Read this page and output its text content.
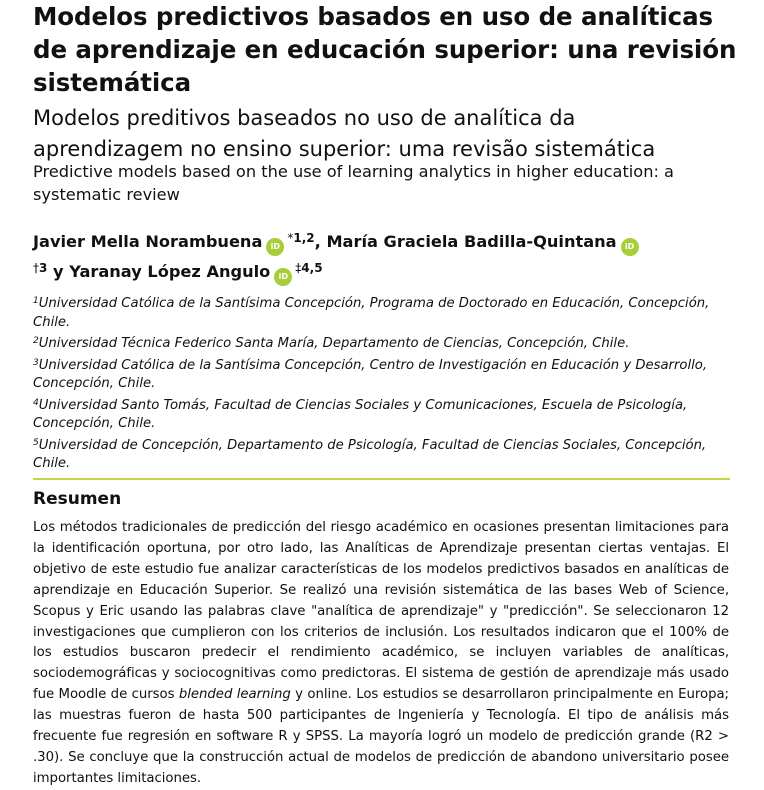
Modelos predictivos basados en uso de analíticas de aprendizaje en educación superior: una revisión sistemática
Modelos preditivos baseados no uso de analítica da aprendizagem no ensino superior: uma revisão sistemática
Predictive models based on the use of learning analytics in higher education: a systematic review
Javier Mella Norambuena iD$^{*1,2}$, María Graciela Badilla-Quintana iD
$^{\dagger 3}$ y Yaranay López Angulo iD$^{\ddagger 4,5}$
$^1$Universidad Católica de la Santísima Concepción, Programa de Doctorado en Educación, Concepción, Chile.
$^2$Universidad Técnica Federico Santa María, Departamento de Ciencias, Concepción, Chile.
$^3$Universidad Católica de la Santísima Concepción, Centro de Investigación en Educación y Desarrollo, Concepción, Chile.
$^4$Universidad Santo Tomás, Facultad de Ciencias Sociales y Comunicaciones, Escuela de Psicología, Concepción, Chile.
$^5$Universidad de Concepción, Departamento de Psicología, Facultad de Ciencias Sociales, Concepción, Chile.
Resumen

Los métodos tradicionales de predicción del riesgo académico en ocasiones presentan limitaciones para la identificación oportuna, por otro lado, las Analíticas de Aprendizaje presentan ciertas ventajas. El objetivo de este estudio fue analizar características de los modelos predictivos basados en analíticas de aprendizaje en Educación Superior. Se realizó una revisión sistemática de las bases Web of Science, Scopus y Eric usando las palabras clave "analítica de aprendizaje" y "predicción". Se seleccionaron 12 investigaciones que cumplieron con los criterios de inclusión. Los resultados indicaron que el 100% de los estudios buscaron predecir el rendimiento académico, se incluyen variables de analíticas, sociodemográficas y sociocognitivas como predictoras. El sistema de gestión de aprendizaje más usado fue Moodle de cursos blended learning y online. Los estudios se desarrollaron principalmente en Europa; las muestras fueron de hasta 500 participantes de Ingeniería y Tecnología. El tipo de análisis más frecuente fue regresión en software R y SPSS. La mayoría logró un modelo de predicción grande (R2 > .30). Se concluye que la construcción actual de modelos de predicción de abandono universitario posee importantes limitaciones.
